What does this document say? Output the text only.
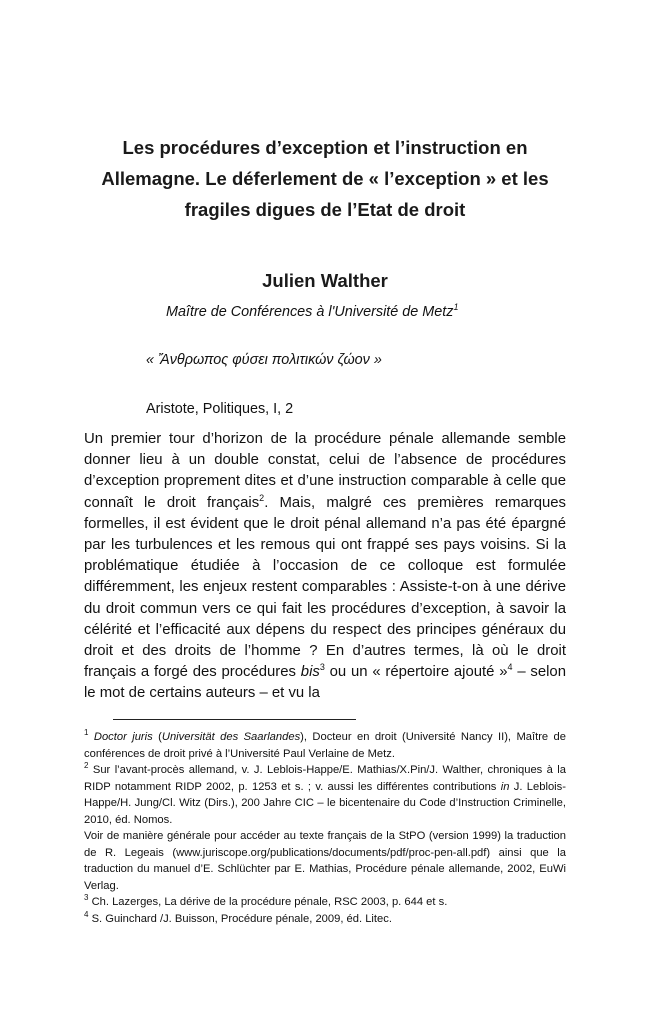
Les procédures d’exception et l’instruction en
Allemagne. Le déferlement de « l’exception » et les
fragiles digues de l’Etat de droit
Julien Walther
Maître de Conférences à l'Université de Metz$^1$
« Ἄνθρωπος φύσει πολιτικών ζώον »
Aristote, Politiques, I, 2

Un premier tour d’horizon de la procédure pénale allemande semble donner lieu à un double constat, celui de l’absence de procédures d’exception proprement dites et d’une instruction comparable à celle que connaît le droit français$^2$. Mais, malgré ces premières remarques formelles, il est évident que le droit pénal allemand n’a pas été épargné par les turbulences et les remous qui ont frappé ses pays voisins. Si la problématique étudiée à l’occasion de ce colloque est formulée différemment, les enjeux restent comparables : Assiste-t-on à une dérive du droit commun vers ce qui fait les procédures d’exception, à savoir la célérité et l’efficacité aux dépens du respect des principes généraux du droit et des droits de l’homme ? En d’autres termes, là où le droit français a forgé des procédures bis$^3$ ou un « répertoire ajouté »$^4$ – selon le mot de certains auteurs – et vu la

$^1$ Doctor juris (Universität des Saarlandes), Docteur en droit (Université Nancy II), Maître de conférences de droit privé à l’Université Paul Verlaine de Metz.

$^2$ Sur l’avant-procès allemand, v. J. Leblois-Happe/E. Mathias/X.Pin/J. Walther, chroniques à la RIDP notamment RIDP 2002, p. 1253 et s. ; v. aussi les différentes contributions in J. Leblois-Happe/H. Jung/Cl. Witz (Dirs.), 200 Jahre CIC – le bicentenaire du Code d’Instruction Criminelle, 2010, éd. Nomos.

Voir de manière générale pour accéder au texte français de la StPO (version 1999) la traduction de R. Legeais (www.juriscope.org/publications/documents/pdf/proc-pen-all.pdf) ainsi que la traduction du manuel d’E. Schlüchter par E. Mathias, Procédure pénale allemande, 2002, EuWi Verlag.

$^3$ Ch. Lazerges, La dérive de la procédure pénale, RSC 2003, p. 644 et s.

$^4$ S. Guinchard /J. Buisson, Procédure pénale, 2009, éd. Litec.
